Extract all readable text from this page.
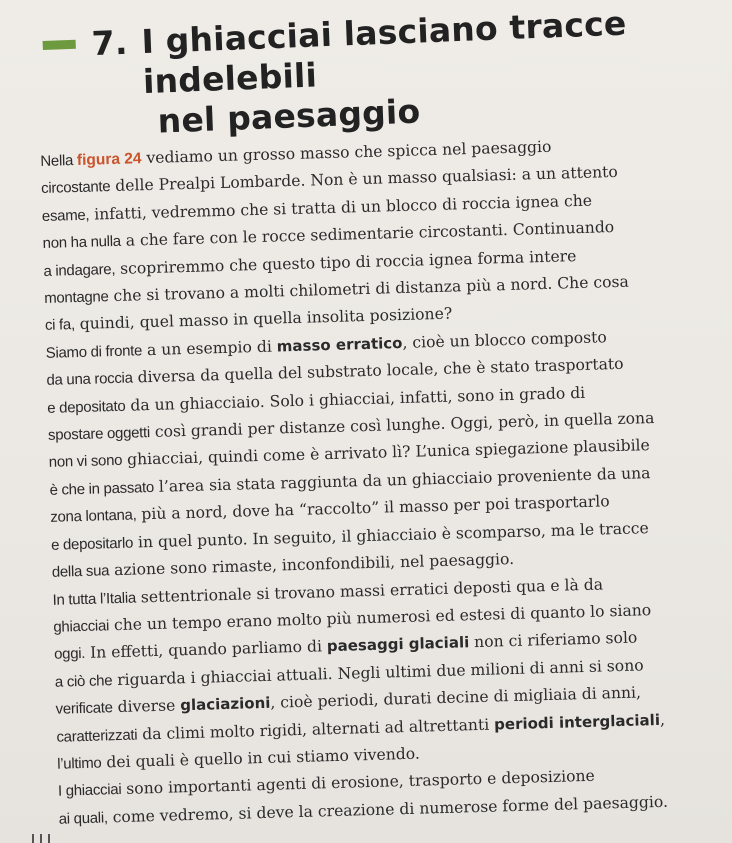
7. I ghiacciai lasciano tracce indelebili
nel paesaggio
Nella figura 24 vediamo un grosso masso che spicca nel paesaggio
circostante delle Prealpi Lombarde. Non è un masso qualsiasi: a un attento
esame, infatti, vedremmo che si tratta di un blocco di roccia ignea che
non ha nulla a che fare con le rocce sedimentarie circostanti. Continuando
a indagare, scopriremmo che questo tipo di roccia ignea forma intere
montagne che si trovano a molti chilometri di distanza più a nord. Che cosa
ci fa, quindi, quel masso in quella insolita posizione?
Siamo di fronte a un esempio di masso erratico, cioè un blocco composto
da una roccia diversa da quella del substrato locale, che è stato trasportato
e depositato da un ghiacciaio. Solo i ghiacciai, infatti, sono in grado di
spostare oggetti così grandi per distanze così lunghe. Oggi, però, in quella zona
non vi sono ghiacciai, quindi come è arrivato lì? L’unica spiegazione plausibile
è che in passato l’area sia stata raggiunta da un ghiacciaio proveniente da una
zona lontana, più a nord, dove ha “raccolto” il masso per poi trasportarlo
e depositarlo in quel punto. In seguito, il ghiacciaio è scomparso, ma le tracce
della sua azione sono rimaste, inconfondibili, nel paesaggio.
In tutta l’Italia settentrionale si trovano massi erratici deposti qua e là da
ghiacciai che un tempo erano molto più numerosi ed estesi di quanto lo siano
oggi. In effetti, quando parliamo di paesaggi glaciali non ci riferiamo solo
a ciò che riguarda i ghiacciai attuali. Negli ultimi due milioni di anni si sono
verificate diverse glaciazioni, cioè periodi, durati decine di migliaia di anni,
caratterizzati da climi molto rigidi, alternati ad altrettanti periodi interglaciali,
l’ultimo dei quali è quello in cui stiamo vivendo.
I ghiacciai sono importanti agenti di erosione, trasporto e deposizione
ai quali, come vedremo, si deve la creazione di numerose forme del paesaggio.
